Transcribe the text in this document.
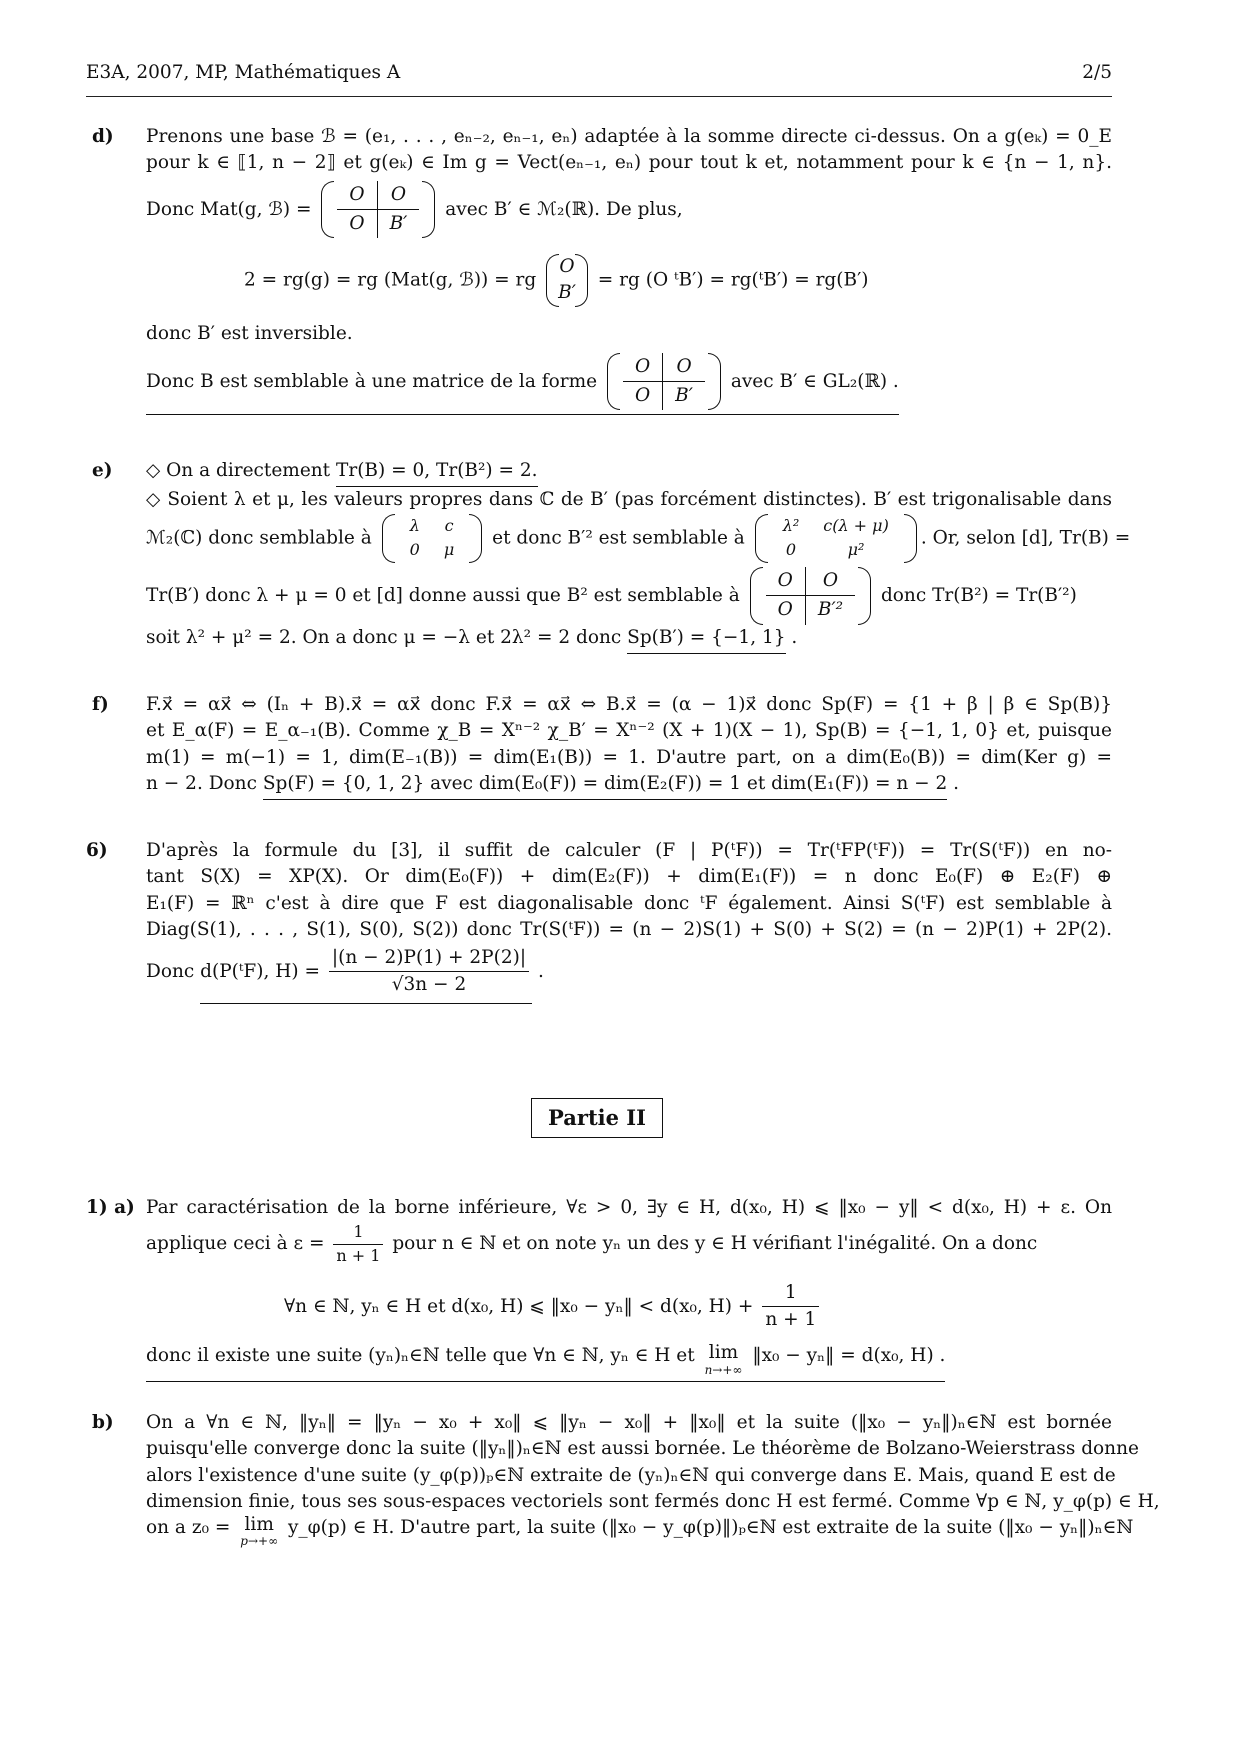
E3A, 2007, MP, Mathématiques A	2/5
d)	Prenons une base ℬ = (e₁, . . . , eₙ₋₂, eₙ₋₁, eₙ) adaptée à la somme directe ci-dessus. On a g(eₖ) = 0_E
pour k ∈ ⟦1, n − 2⟧ et g(eₖ) ∈ Im g = Vect(eₙ₋₁, eₙ) pour tout k et, notamment pour k ∈ {n − 1, n}.
Donc Mat(g, ℬ) =
O	O
O	B′
avec B′ ∈ ℳ₂(ℝ). De plus,
2 = rg(g) = rg (Mat(g, ℬ)) = rg
O
B′
= rg (O ᵗB′) = rg(ᵗB′) = rg(B′)
donc B′ est inversible.
Donc B est semblable à une matrice de la forme
O	O
O	B′
avec B′ ∈ GL₂(ℝ) .
e)	◇ On a directement Tr(B) = 0, Tr(B²) = 2.
◇ Soient λ et μ, les valeurs propres dans ℂ de B′ (pas forcément distinctes). B′ est trigonalisable dans
ℳ₂(ℂ) donc semblable à
λ	c
0	μ
et donc B′² est semblable à
λ²	c(λ + μ)
0	μ²
. Or, selon [d], Tr(B) =
Tr(B′) donc λ + μ = 0 et [d] donne aussi que B² est semblable à
O	O
O	B′²
donc Tr(B²) = Tr(B′²)
soit λ² + μ² = 2. On a donc μ = −λ et 2λ² = 2 donc Sp(B′) = {−1, 1} .
f)	F.x⃗ = αx⃗ ⇔ (Iₙ + B).x⃗ = αx⃗ donc F.x⃗ = αx⃗ ⇔ B.x⃗ = (α − 1)x⃗ donc Sp(F) = {1 + β | β ∈ Sp(B)}
et E_α(F) = E_α₋₁(B). Comme χ_B = Xⁿ⁻² χ_B′ = Xⁿ⁻² (X + 1)(X − 1), Sp(B) = {−1, 1, 0} et, puisque
m(1) = m(−1) = 1, dim(E₋₁(B)) = dim(E₁(B)) = 1. D'autre part, on a dim(E₀(B)) = dim(Ker g) =
n − 2. Donc Sp(F) = {0, 1, 2} avec dim(E₀(F)) = dim(E₂(F)) = 1 et dim(E₁(F)) = n − 2 .
6)	D'après la formule du [3], il suffit de calculer (F | P(ᵗF)) = Tr(ᵗFP(ᵗF)) = Tr(S(ᵗF)) en no-
tant S(X) = XP(X). Or dim(E₀(F)) + dim(E₂(F)) + dim(E₁(F)) = n donc E₀(F) ⊕ E₂(F) ⊕
E₁(F) = ℝⁿ c'est à dire que F est diagonalisable donc ᵗF également. Ainsi S(ᵗF) est semblable à
Diag(S(1), . . . , S(1), S(0), S(2)) donc Tr(S(ᵗF)) = (n − 2)S(1) + S(0) + S(2) = (n − 2)P(1) + 2P(2).
Donc d(P(ᵗF), $H) = \frac{|(n - 2)P(1) + 2P(2)|}{√3n - 2}$ .
Partie II
1) a) Par caractérisation de la borne inférieure, ∀ε > 0, ∃y ∈ H, d(x₀, H) ⩽ ‖x₀ − y‖ < d(x₀, H) + ε. On
applique ceci à $\varepsilon = \frac{1}{n + 1}$ pour n ∈ ℕ et on note yₙ un des y ∈ H vérifiant l'inégalité. On a donc
∀n ∈ ℕ, yₙ ∈ H et d(x₀, H) ⩽ ‖x₀ − yₙ‖ < d(x₀, $H) + \frac{1}{n + 1}$
donc il existe une suite (yₙ)ₙ∈ℕ telle que ∀n ∈ ℕ, yₙ ∈ H et lim
n→+∞
‖x₀ − yₙ‖ = d(x₀, H) .
b)	On a ∀n ∈ ℕ, ‖yₙ‖ = ‖yₙ − x₀ + x₀‖ ⩽ ‖yₙ − x₀‖ + ‖x₀‖ et la suite (‖x₀ − yₙ‖)ₙ∈ℕ est bornée
puisqu'elle converge donc la suite (‖yₙ‖)ₙ∈ℕ est aussi bornée. Le théorème de Bolzano-Weierstrass donne
alors l'existence d'une suite (y_φ(p))ₚ∈ℕ extraite de (yₙ)ₙ∈ℕ qui converge dans E. Mais, quand E est de
dimension finie, tous ses sous-espaces vectoriels sont fermés donc H est fermé. Comme ∀p ∈ ℕ, y_φ(p) ∈ H,
on a z₀ = lim
p→+∞
y_φ(p) ∈ H. D'autre part, la suite (‖x₀ − y_φ(p)‖)ₚ∈ℕ est extraite de la suite (‖x₀ − yₙ‖)ₙ∈ℕ
